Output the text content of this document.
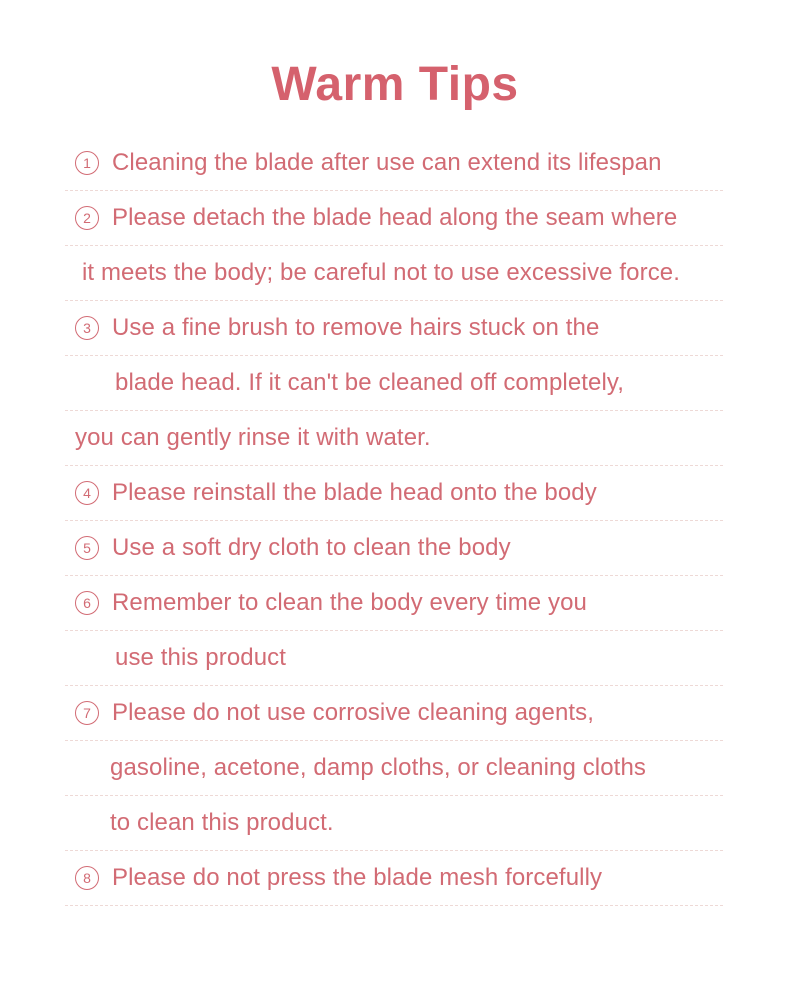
Warm Tips
1 Cleaning the blade after use can extend its lifespan
2 Please detach the blade head along the seam where
it meets the body; be careful not to use excessive force.
3 Use a fine brush to remove hairs stuck on the
blade head. If it can't be cleaned off completely,
you can gently rinse it with water.
4 Please reinstall the blade head onto the body
5 Use a soft dry cloth to clean the body
6 Remember to clean the body every time you
use this product
7 Please do not use corrosive cleaning agents,
gasoline, acetone, damp cloths, or cleaning cloths
to clean this product.
8 Please do not press the blade mesh forcefully
